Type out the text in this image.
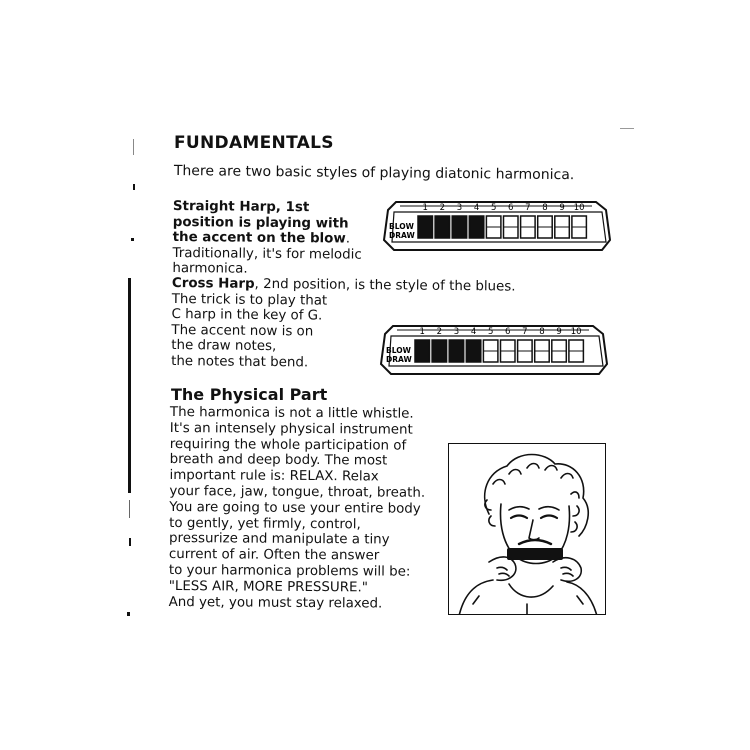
FUNDAMENTALS
There are two basic styles of playing diatonic harmonica.
Straight Harp, 1st position is playing with the accent on the blow. Traditionally, it's for melodic harmonica.
Cross Harp, 2nd position, is the style of the blues.
The trick is to play that
C harp in the key of G.
The accent now is on
the draw notes,
the notes that bend.
The Physical Part
The harmonica is not a little whistle.
It's an intensely physical instrument
requiring the whole participation of
breath and deep body. The most
important rule is: RELAX. Relax
your face, jaw, tongue, throat, breath.
You are going to use your entire body
to gently, yet firmly, control,
pressurize and manipulate a tiny
current of air. Often the answer
to your harmonica problems will be:
"LESS AIR, MORE PRESSURE."
And yet, you must stay relaxed.
BLOW
DRAW
1 2 3 4 5 6 7 8 9 10
BLOW
DRAW
1 2 3 4 5 6 7 8 9 10
